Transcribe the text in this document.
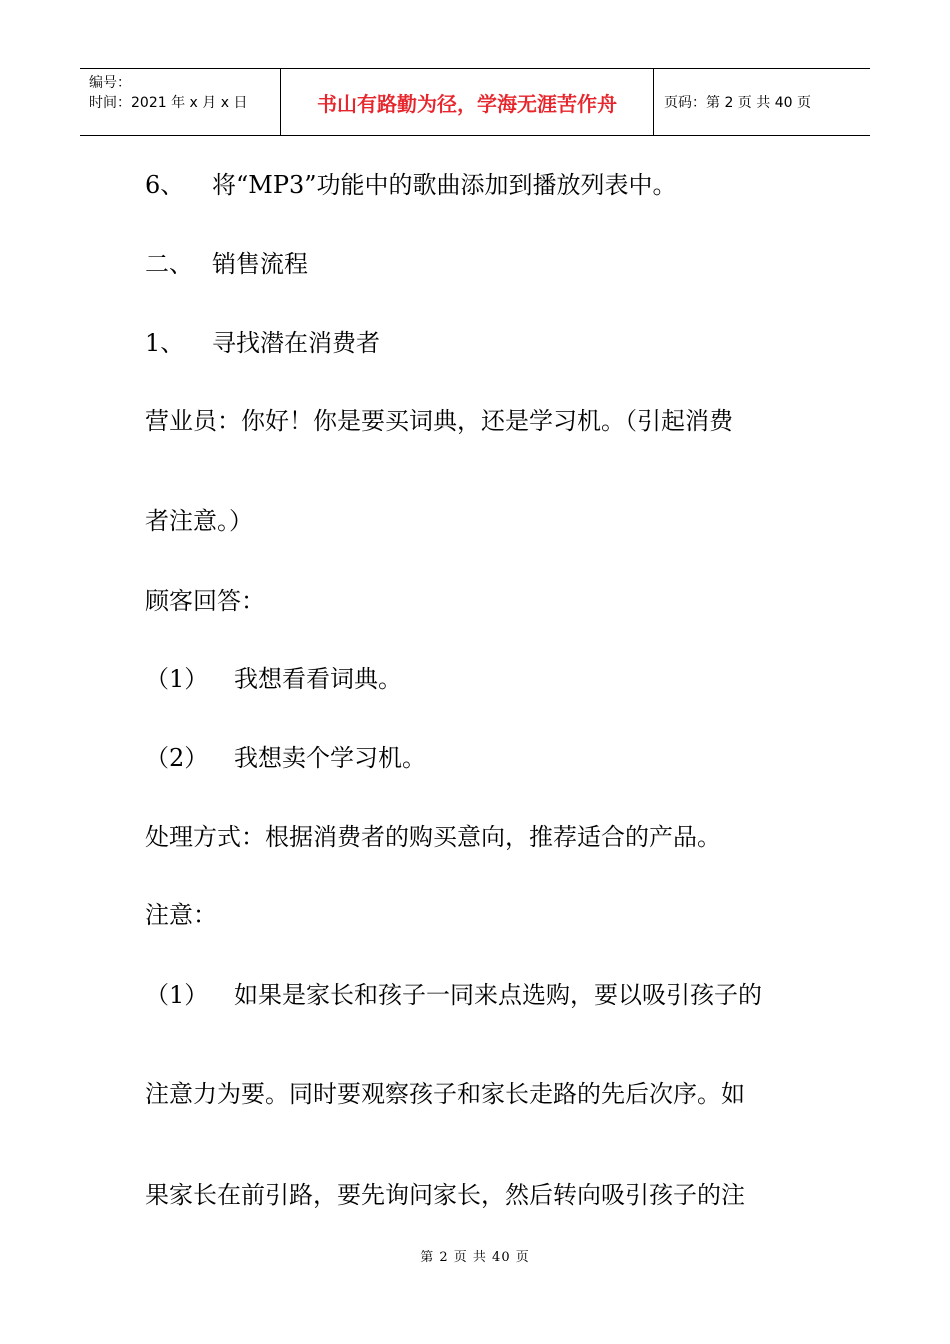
编号：
时间：2021 年 x 月 x 日	书山有路勤为径，学海无涯苦作舟	页码：第 2 页 共 40 页
6、 将“MP3”功能中的歌曲添加到播放列表中。
二、 销售流程
1、 寻找潜在消费者
营业员：你好！你是要买词典，还是学习机。（引起消费
者注意。）
顾客回答：
（1） 我想看看词典。
（2） 我想卖个学习机。
处理方式：根据消费者的购买意向，推荐适合的产品。
注意：
（1） 如果是家长和孩子一同来点选购，要以吸引孩子的
注意力为要。同时要观察孩子和家长走路的先后次序。如
果家长在前引路，要先询问家长，然后转向吸引孩子的注
第 2 页 共 40 页
